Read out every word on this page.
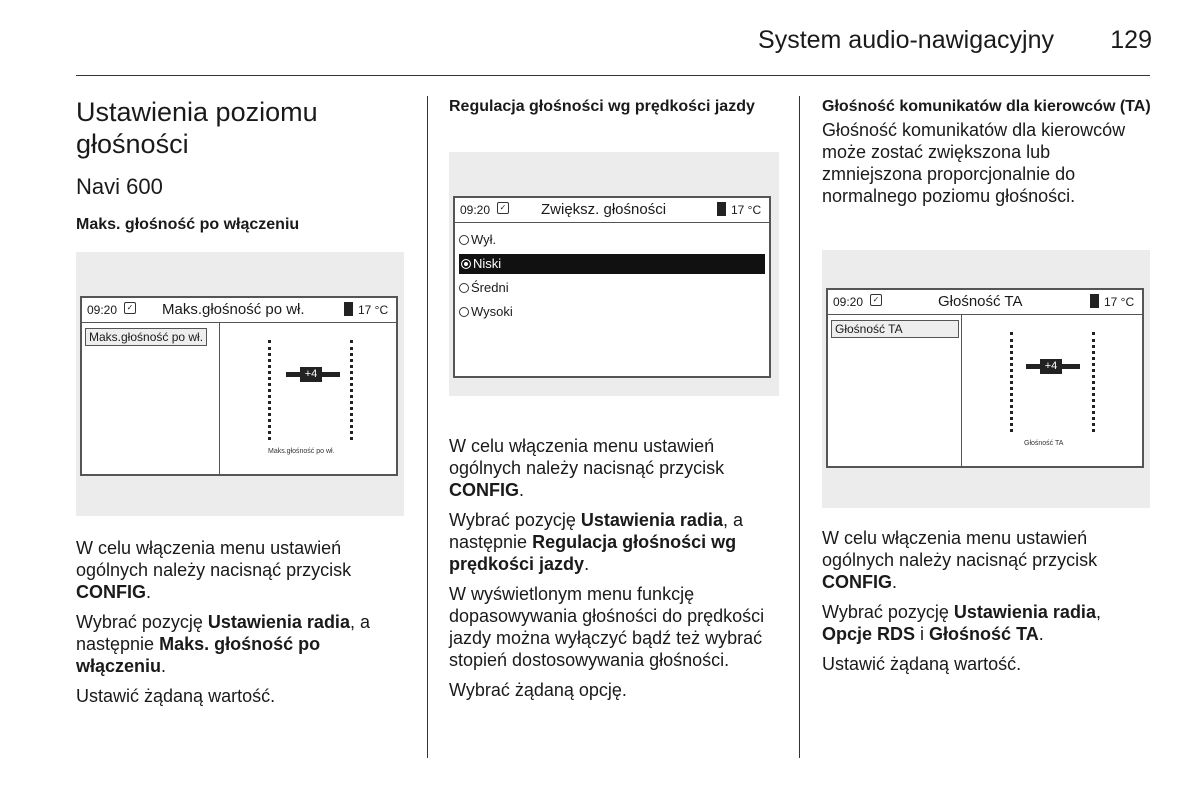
System audio-nawigacyjny 129
Ustawienia poziomu głośności
Navi 600
Maks. głośność po włączeniu
09:20	✓ Maks.głośność po wł.	17 °C
Maks.głośność po wł.
+4
Maks.głośność po wł.

W celu włączenia menu ustawień ogólnych należy nacisnąć przycisk CONFIG.

Wybrać pozycję Ustawienia radia, a następnie Maks. głośność po włączeniu.

Ustawić żądaną wartość.

Regulacja głośności wg prędkości jazdy
09:20	✓ Zwiększ. głośności	17 °C
Wył.
Niski
Średni
Wysoki

W celu włączenia menu ustawień ogólnych należy nacisnąć przycisk CONFIG.

Wybrać pozycję Ustawienia radia, a następnie Regulacja głośności wg prędkości jazdy.

W wyświetlonym menu funkcję dopasowywania głośności do prędkości jazdy można wyłączyć bądź też wybrać stopień dostosowywania głośności.

Wybrać żądaną opcję.

Głośność komunikatów dla kierowców (TA)

Głośność komunikatów dla kierowców może zostać zwiększona lub zmniejszona proporcjonalnie do normalnego poziomu głośności.

09:20	✓	Głośność TA	17 °C
Głośność TA
+4
Głośność TA

W celu włączenia menu ustawień ogólnych należy nacisnąć przycisk CONFIG.

Wybrać pozycję Ustawienia radia, Opcje RDS i Głośność TA.

Ustawić żądaną wartość.
